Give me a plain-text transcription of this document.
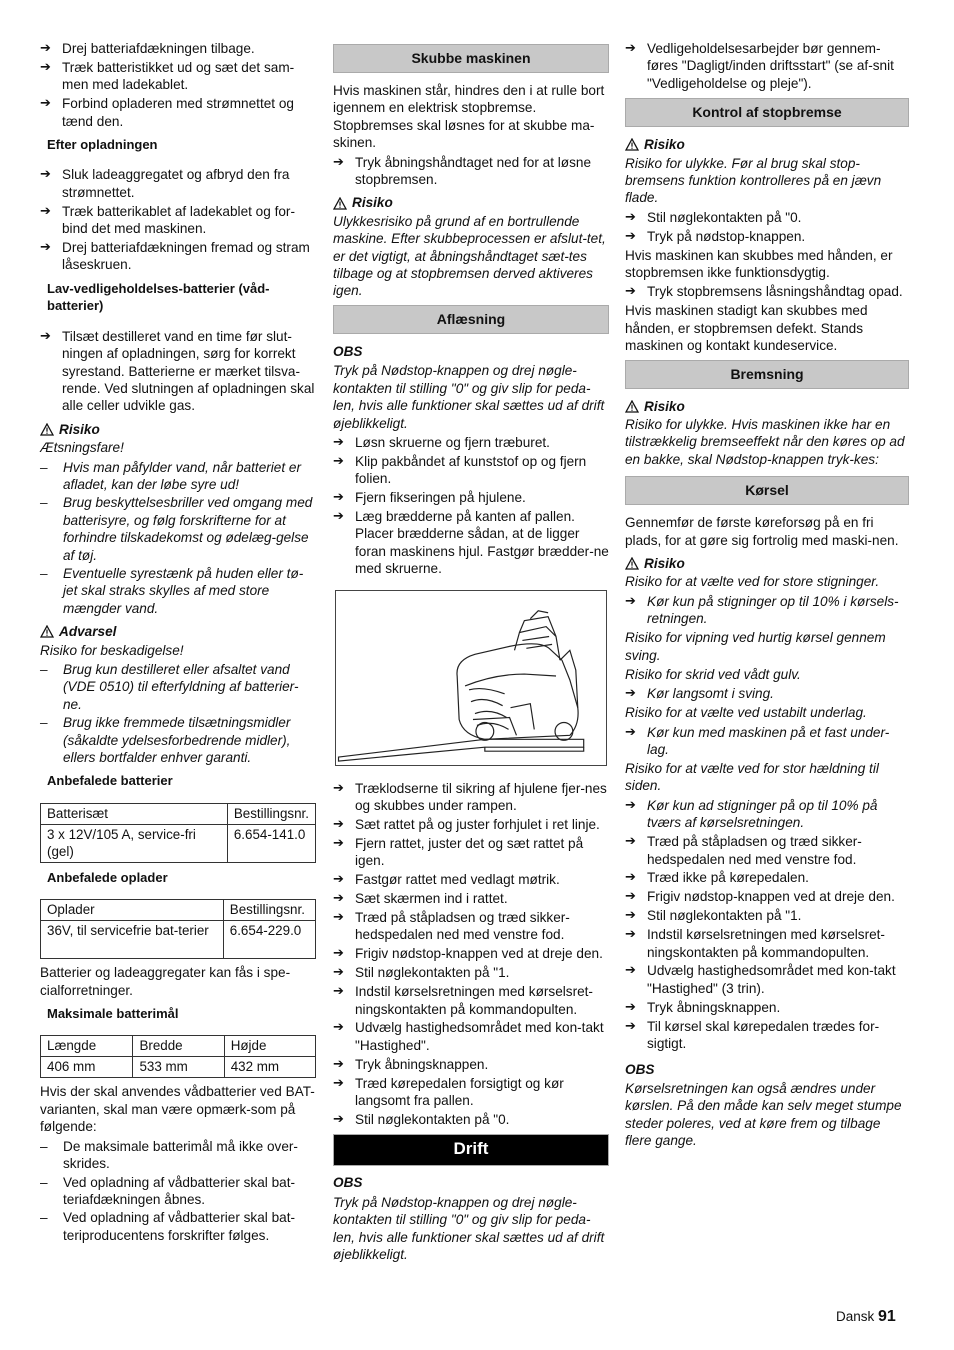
➔ Drej batteriafdækningen tilbage.
➔ Træk batteristikket ud og sæt det sam-men med ladekablet.
➔ Forbind opladeren med strømnettet og tænd den.
Efter opladningen
➔ Sluk ladeaggregatet og afbryd den fra strømnettet.
➔ Træk batterikablet af ladekablet og for-bind det med maskinen.
➔ Drej batteriafdækningen fremad og stram låseskruen.
Lav-vedligeholdelses-batterier (våd-batterier)
➔ Tilsæt destilleret vand en time før slut-ningen af opladningen, sørg for korrekt syrestand. Batterierne er mærket tilsva-rende. Ved slutningen af opladningen skal alle celler udvikle gas.
Risiko
Ætsningsfare!
– Hvis man påfylder vand, når batteriet er afladet, kan der løbe syre ud!
– Brug beskyttelsesbriller ved omgang med batterisyre, og følg forskrifterne for at forhindre tilskadekomst og ødelæg-gelse af tøj.
– Eventuelle syrestænk på huden eller tø-jet skal straks skylles af med store mængder vand.
Advarsel
Risiko for beskadigelse!
– Brug kun destilleret eller afsaltet vand (VDE 0510) til efterfyldning af batterier-ne.
– Brug ikke fremmede tilsætningsmidler (såkaldte ydelsesforbedrende midler), ellers bortfalder enhver garanti.
Anbefalede batterier
Batterisæt	Bestillingsnr.
3 x 12V/105 A, service-fri (gel)	6.654-141.0
Anbefalede oplader
Oplader	Bestillingsnr.
36V, til servicefrie bat-terier	6.654-229.0
Batterier og ladeaggregater kan fås i spe-cialforretninger.
Maksimale batterimål
Længde	Bredde	Højde
406 mm	533 mm	432 mm
Hvis der skal anvendes vådbatterier ved BAT-varianten, skal man være opmærk-som på følgende:
– De maksimale batterimål må ikke over-skrides.
– Ved opladning af vådbatterier skal bat-teriafdækningen åbnes.
– Ved opladning af vådbatterier skal bat-teriproducentens forskrifter følges.
Skubbe maskinen
Hvis maskinen står, hindres den i at rulle bort igennem en elektrisk stopbremse. Stopbremses skal løsnes for at skubbe ma-skinen.
➔ Tryk åbningshåndtaget ned for at løsne stopbremsen.
Risiko
Ulykkesrisiko på grund af en bortrullende maskine. Efter skubbeprocessen er afslut-tet, er det vigtigt, at åbningshåndtaget sæt-tes tilbage og at stopbremsen derved aktiveres igen.
Aflæsning
OBS
Tryk på Nødstop-knappen og drej nøgle-kontakten til stilling "0" og giv slip for peda-len, hvis alle funktioner skal sættes ud af drift øjeblikkeligt.
➔ Løsn skruerne og fjern træburet.
➔ Klip pakbåndet af kunststof op og fjern folien.
➔ Fjern fikseringen på hjulene.
➔ Læg brædderne på kanten af pallen. Placer brædderne sådan, at de ligger foran maskinens hjul. Fastgør brædder-ne med skruerne.
➔ Træklodserne til sikring af hjulene fjer-nes og skubbes under rampen.
➔ Sæt rattet på og juster forhjulet i ret linje.
➔ Fjern rattet, juster det og sæt rattet på igen.
➔ Fastgør rattet med vedlagt møtrik.
➔ Sæt skærmen ind i rattet.
➔ Træd på ståpladsen og træd sikker-hedspedalen ned med venstre fod.
➔ Frigiv nødstop-knappen ved at dreje den.
➔ Stil nøglekontakten på "1.
➔ Indstil kørselsretningen med kørselsret-ningskontakten på kommandopulten.
➔ Udvælg hastighedsområdet med kon-takt "Hastighed".
➔ Tryk åbningsknappen.
➔ Træd kørepedalen forsigtigt og kør langsomt fra pallen.
➔ Stil nøglekontakten på "0.
Drift
OBS
Tryk på Nødstop-knappen og drej nøgle-kontakten til stilling "0" og giv slip for peda-len, hvis alle funktioner skal sættes ud af drift øjeblikkeligt.
➔ Vedligeholdelsesarbejder bør gennem-føres "Dagligt/inden driftsstart" (se af-snit "Vedligeholdelse og pleje").
Kontrol af stopbremse
Risiko
Risiko for ulykke. Før al brug skal stop-bremsens funktion kontrolleres på en jævn flade.
➔ Stil nøglekontakten på "0.
➔ Tryk på nødstop-knappen.
Hvis maskinen kan skubbes med hånden, er stopbremsen ikke funktionsdygtig.
➔ Tryk stopbremsens låsningshåndtag opad.
Hvis maskinen stadigt kan skubbes med hånden, er stopbremsen defekt. Stands maskinen og kontakt kundeservice.
Bremsning
Risiko
Risiko for ulykke. Hvis maskinen ikke har en tilstrækkelig bremseeffekt når den køres op ad en bakke, skal Nødstop-knappen tryk-kes:
Kørsel
Gennemfør de første køreforsøg på en fri plads, for at gøre sig fortrolig med maski-nen.
Risiko
Risiko for at vælte ved for store stigninger.
➔ Kør kun på stigninger op til 10% i kørsels-retningen.
Risiko for vipning ved hurtig kørsel gennem sving.
Risiko for skrid ved vådt gulv.
➔ Kør langsomt i sving.
Risiko for at vælte ved ustabilt underlag.
➔ Kør kun med maskinen på et fast under-lag.
Risiko for at vælte ved for stor hældning til siden.
➔ Kør kun ad stigninger på op til 10% på tværs af kørselsretningen.
➔ Træd på ståpladsen og træd sikker-hedspedalen ned med venstre fod.
➔ Træd ikke på kørepedalen.
➔ Frigiv nødstop-knappen ved at dreje den.
➔ Stil nøglekontakten på "1.
➔ Indstil kørselsretningen med kørselsret-ningskontakten på kommandopulten.
➔ Udvælg hastighedsområdet med kon-takt "Hastighed" (3 trin).
➔ Tryk åbningsknappen.
➔ Til kørsel skal kørepedalen trædes for-sigtigt.
OBS
Kørselsretningen kan også ændres under kørslen. På den måde kan selv meget stumpe steder poleres, ved at køre frem og tilbage flere gange.
Dansk 91
